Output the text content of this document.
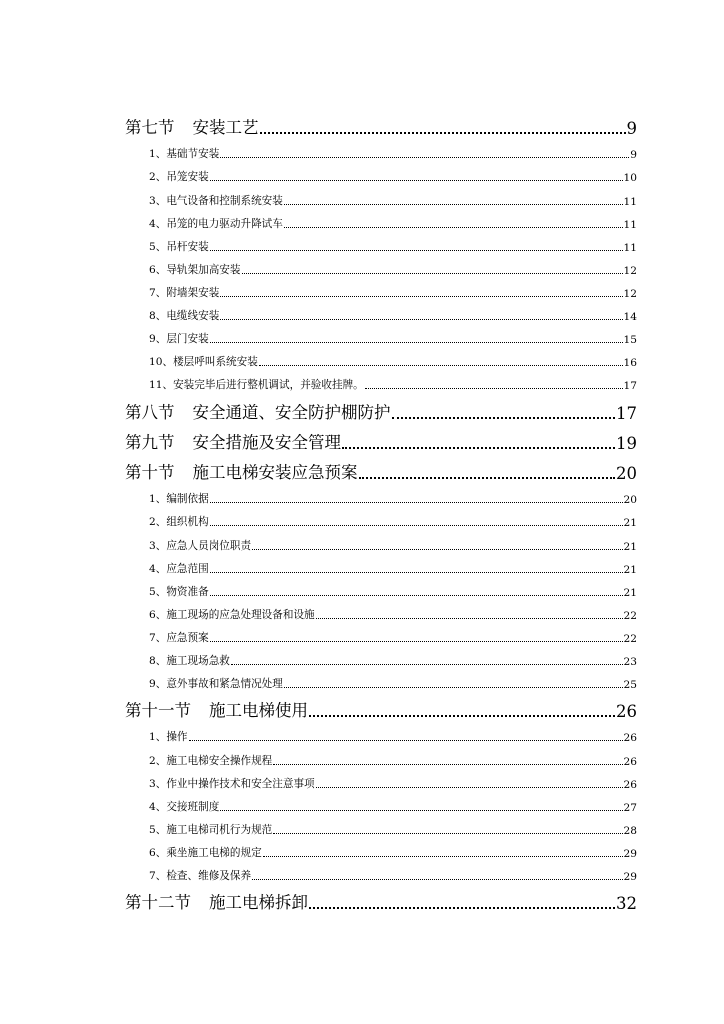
第七节 安装工艺	9
1、基础节安装	9
2、吊笼安装	10
3、电气设备和控制系统安装	11
4、吊笼的电力驱动升降试车	11
5、吊杆安装	11
6、导轨架加高安装	12
7、附墙架安装	12
8、电缆线安装	14
9、层门安装	15
10、楼层呼叫系统安装	16
11、安装完毕后进行整机调试，并验收挂牌。	17
第八节 安全通道、安全防护棚防护	17
第九节 安全措施及安全管理	19
第十节 施工电梯安装应急预案	20
1、编制依据	20
2、组织机构	21
3、应急人员岗位职责	21
4、应急范围	21
5、物资准备	21
6、施工现场的应急处理设备和设施	22
7、应急预案	22
8、施工现场急救	23
9、意外事故和紧急情况处理	25
第十一节 施工电梯使用	26
1、操作	26
2、施工电梯安全操作规程	26
3、作业中操作技术和安全注意事项	26
4、交接班制度	27
5、施工电梯司机行为规范	28
6、乘坐施工电梯的规定	29
7、检查、维修及保养	29
第十二节 施工电梯拆卸	32
